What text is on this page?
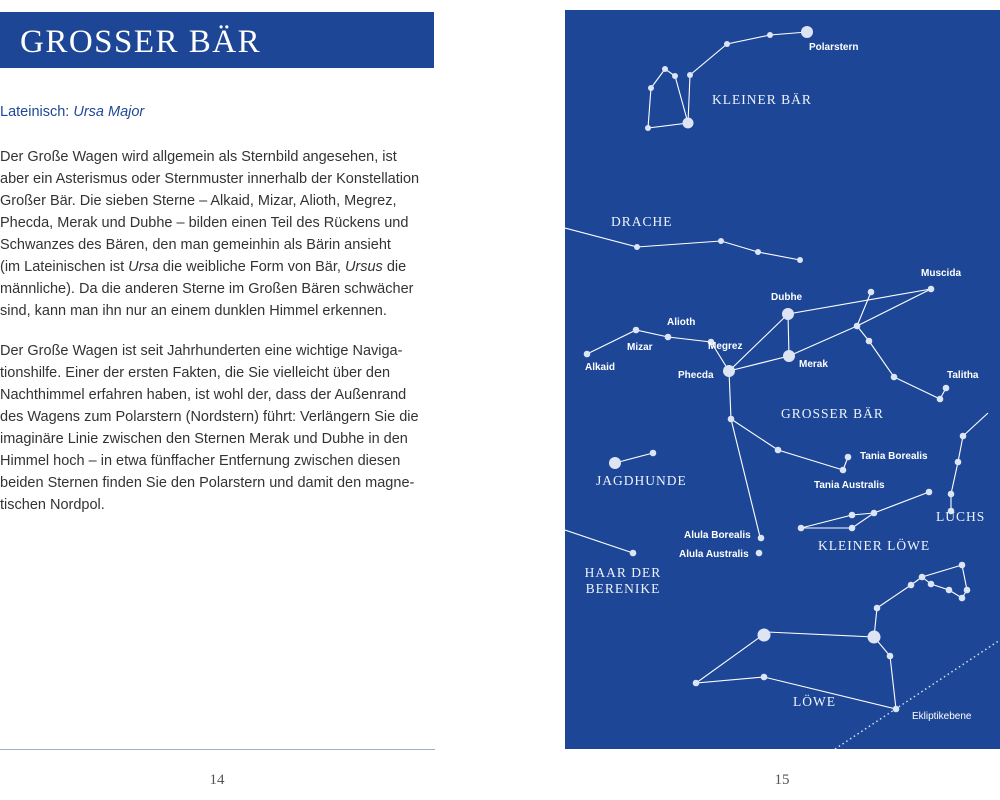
GROSSER BÄR
Lateinisch: Ursa Major

Der Große Wagen wird allgemein als Sternbild angesehen, ist
aber ein Asterismus oder Sternmuster innerhalb der Konstellation
Großer Bär. Die sieben Sterne – Alkaid, Mizar, Alioth, Megrez,
Phecda, Merak und Dubhe – bilden einen Teil des Rückens und
Schwanzes des Bären, den man gemeinhin als Bärin ansieht
(im Lateinischen ist Ursa die weibliche Form von Bär, Ursus die
männliche). Da die anderen Sterne im Großen Bären schwächer
sind, kann man ihn nur an einem dunklen Himmel erkennen.

Der Große Wagen ist seit Jahrhunderten eine wichtige Naviga-
tionshilfe. Einer der ersten Fakten, die Sie vielleicht über den
Nachthimmel erfahren haben, ist wohl der, dass der Außenrand
des Wagens zum Polarstern (Nordstern) führt: Verlängern Sie die
imaginäre Linie zwischen den Sternen Merak und Dubhe in den
Himmel hoch – in etwa fünffacher Entfernung zwischen diesen
beiden Sternen finden Sie den Polarstern und damit den magne-
tischen Nordpol.

14
Polarstern
Muscida
Dubhe
Alioth
Mizar	Megrez
Alkaid
Phecda
Merak
Talitha
Tania Borealis
Tania Australis
Alula Borealis
Alula Australis
KLEINER BÄR
DRACHE
GROSSER BÄR
JAGDHUNDE
LUCHS
KLEINER LÖWE
HAAR DER
BERENIKE
LÖWE
Ekliptikebene
15
